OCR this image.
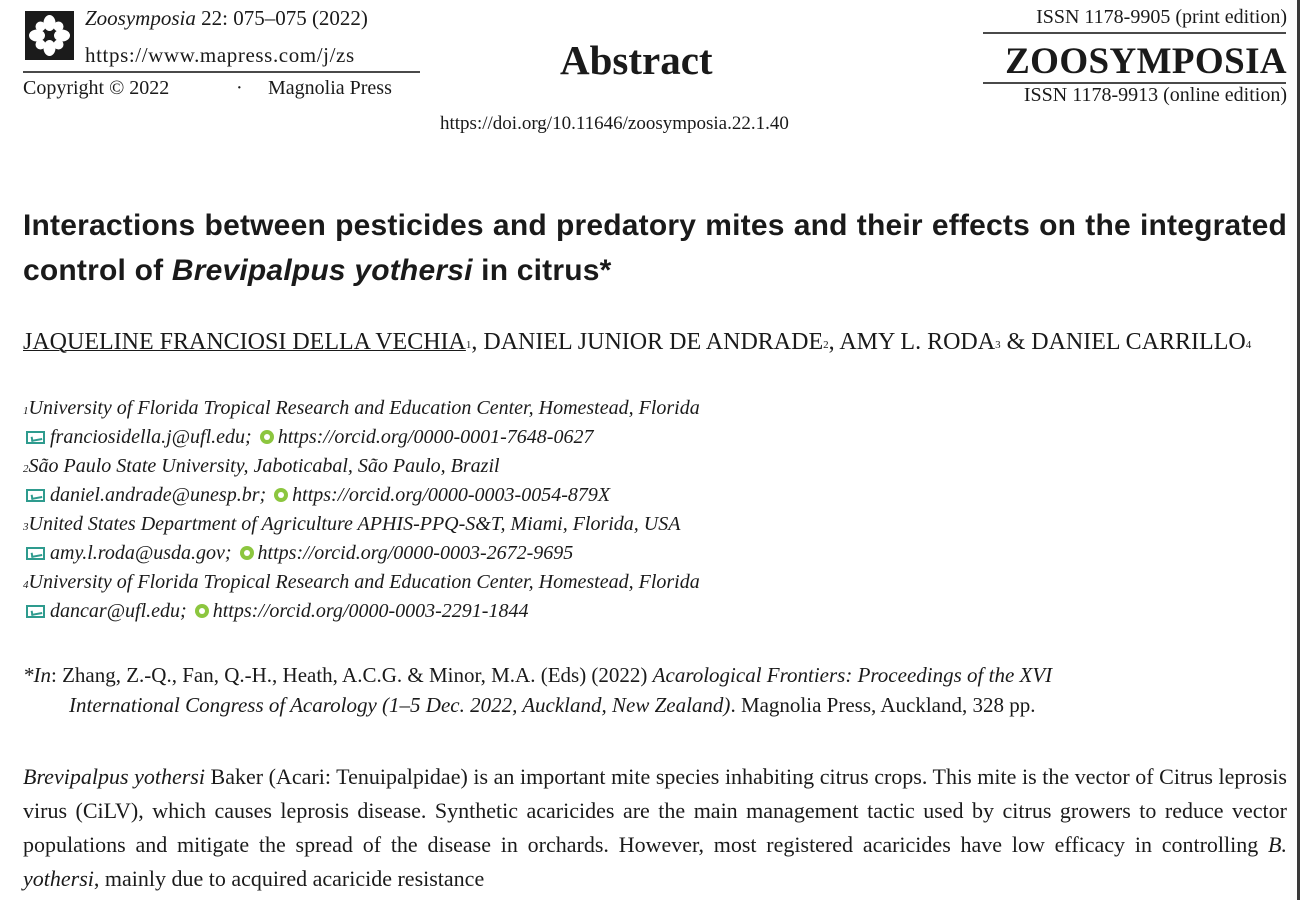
Zoosymposia 22: 075–075 (2022)
https://www.mapress.com/j/zs
Copyright © 2022	· Magnolia Press
Abstract
https://doi.org/10.11646/zoosymposia.22.1.40
ISSN 1178-9905 (print edition)
ZOOSYMPOSIA
ISSN 1178-9913 (online edition)
Interactions between pesticides and predatory mites and their effects on the integrated control of Brevipalpus yothersi in citrus*
JAQUELINE FRANCIOSI DELLA VECHIA$^1$, DANIEL JUNIOR DE ANDRADE$^2$, AMY L. RODA$^3$ & DANIEL CARRILLO$^4$
$^1$University of Florida Tropical Research and Education Center, Homestead, Florida
franciosidella.j@ufl.edu; https://orcid.org/0000-0001-7648-0627
$^2$São Paulo State University, Jaboticabal, São Paulo, Brazil
daniel.andrade@unesp.br; https://orcid.org/0000-0003-0054-879X
$^3$United States Department of Agriculture APHIS-PPQ-S&T, Miami, Florida, USA
amy.l.roda@usda.gov; https://orcid.org/0000-0003-2672-9695
$^4$University of Florida Tropical Research and Education Center, Homestead, Florida
dancar@ufl.edu; https://orcid.org/0000-0003-2291-1844
*In: Zhang, Z.-Q., Fan, Q.-H., Heath, A.C.G. & Minor, M.A. (Eds) (2022) Acarological Frontiers: Proceedings of the XVI
International Congress of Acarology (1–5 Dec. 2022, Auckland, New Zealand). Magnolia Press, Auckland, 328 pp.

Brevipalpus yothersi Baker (Acari: Tenuipalpidae) is an important mite species inhabiting citrus crops. This mite is the vector of Citrus leprosis virus (CiLV), which causes leprosis disease. Synthetic acaricides are the main management tactic used by citrus growers to reduce vector populations and mitigate the spread of the disease in orchards. However, most registered acaricides have low efficacy in controlling B. yothersi, mainly due to acquired acaricide resistance
